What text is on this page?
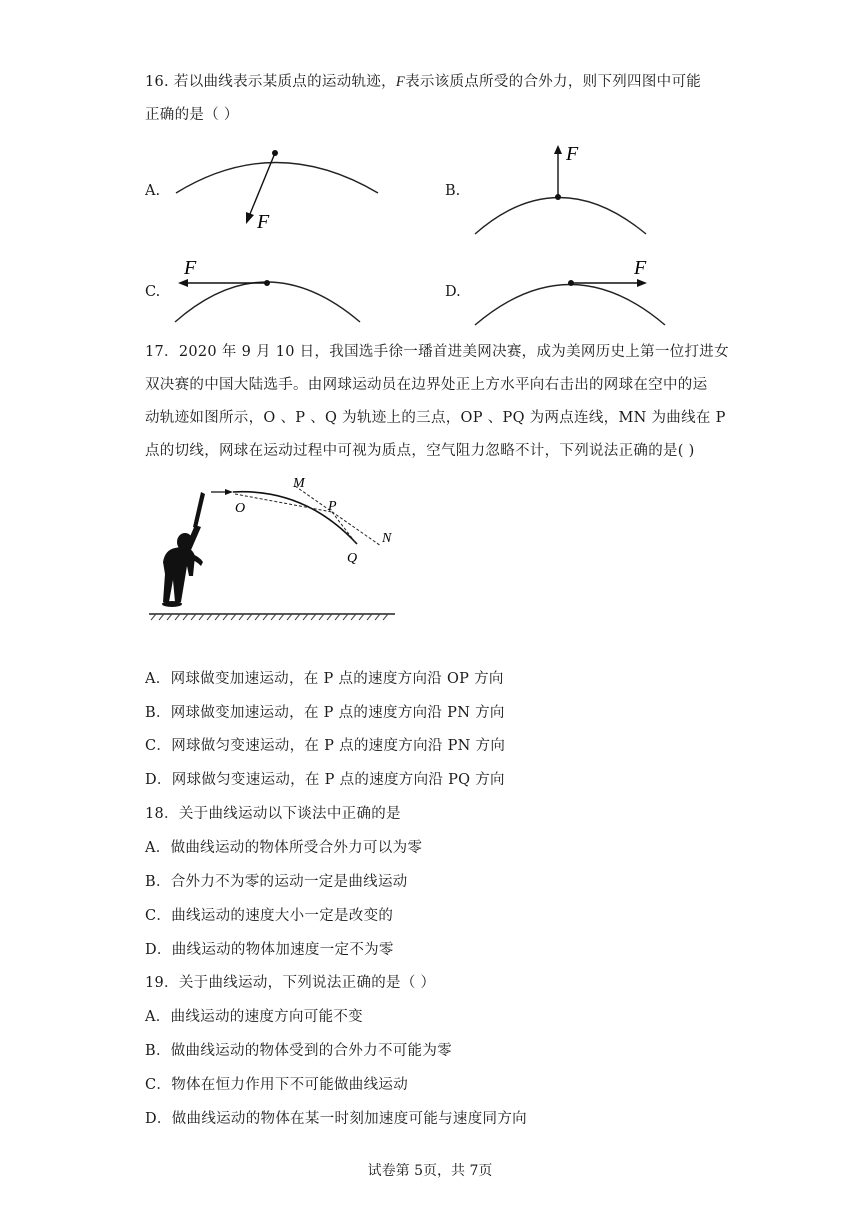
16. 若以曲线表示某质点的运动轨迹，F表示该质点所受的合外力，则下列四图中可能
正确的是（ ）
A.
F
B.
F
C.
F
D.
F
17．2020 年 9 月 10 日，我国选手徐一璠首进美网决赛，成为美网历史上第一位打进女
双决赛的中国大陆选手。由网球运动员在边界处正上方水平向右击出的网球在空中的运
动轨迹如图所示，O 、P 、Q 为轨迹上的三点，OP 、PQ 为两点连线，MN 为曲线在 P
点的切线，网球在运动过程中可视为质点，空气阻力忽略不计，下列说法正确的是( )
O
M
P
N
Q
A．网球做变加速运动，在 P 点的速度方向沿 OP 方向
B．网球做变加速运动，在 P 点的速度方向沿 PN 方向
C．网球做匀变速运动，在 P 点的速度方向沿 PN 方向
D．网球做匀变速运动，在 P 点的速度方向沿 PQ 方向
18．关于曲线运动以下谈法中正确的是
A．做曲线运动的物体所受合外力可以为零
B．合外力不为零的运动一定是曲线运动
C．曲线运动的速度大小一定是改变的
D．曲线运动的物体加速度一定不为零
19．关于曲线运动，下列说法正确的是（ ）
A．曲线运动的速度方向可能不变
B．做曲线运动的物体受到的合外力不可能为零
C．物体在恒力作用下不可能做曲线运动
D．做曲线运动的物体在某一时刻加速度可能与速度同方向
试卷第 5页，共 7页
